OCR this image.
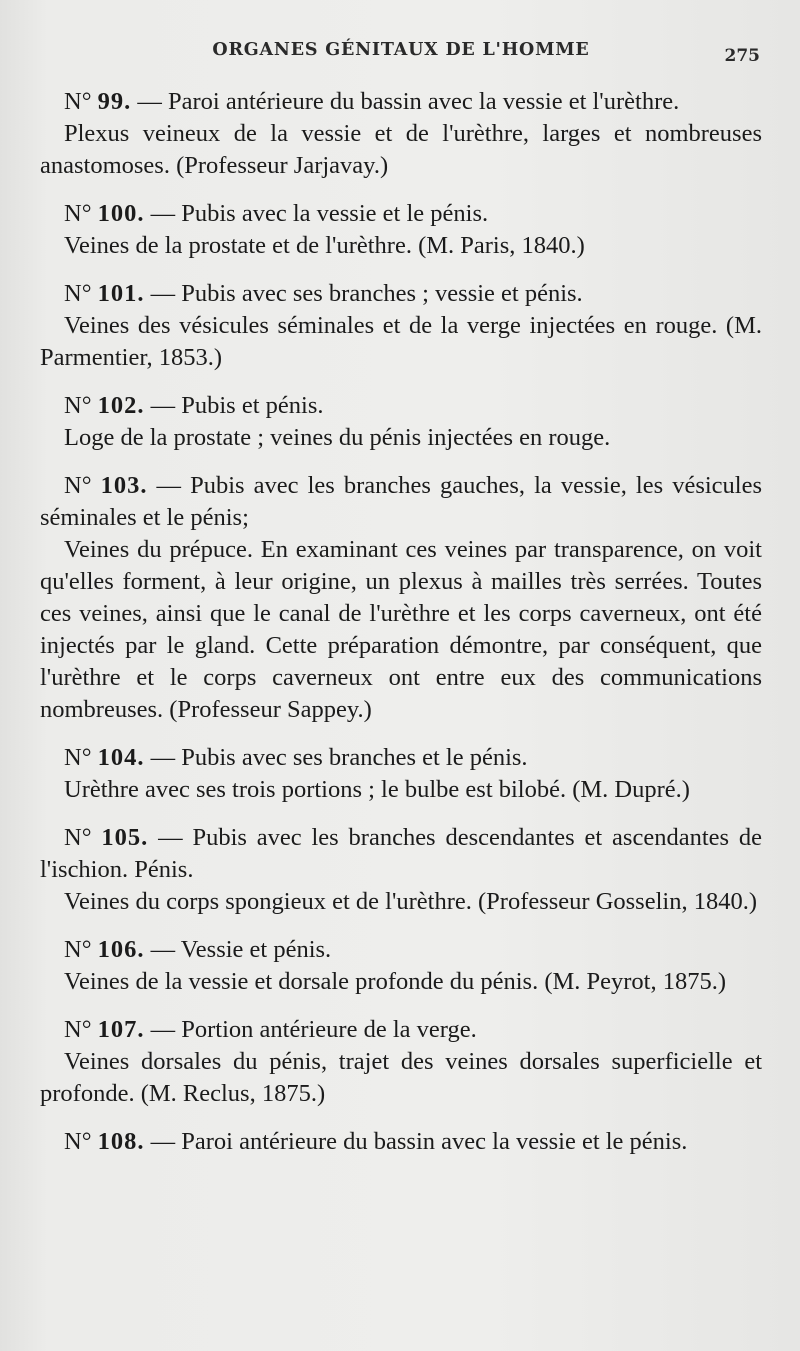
ORGANES GÉNITAUX DE L'HOMME	275
N° 99. — Paroi antérieure du bassin avec la vessie et l'urèthre.
Plexus veineux de la vessie et de l'urèthre, larges et nombreuses anastomoses. (Professeur Jarjavay.)
N° 100. — Pubis avec la vessie et le pénis.
Veines de la prostate et de l'urèthre. (M. Paris, 1840.)
N° 101. — Pubis avec ses branches ; vessie et pénis.
Veines des vésicules séminales et de la verge injectées en rouge. (M. Parmentier, 1853.)
N° 102. — Pubis et pénis.
Loge de la prostate ; veines du pénis injectées en rouge.
N° 103. — Pubis avec les branches gauches, la vessie, les vésicules séminales et le pénis;
Veines du prépuce. En examinant ces veines par transparence, on voit qu'elles forment, à leur origine, un plexus à mailles très serrées. Toutes ces veines, ainsi que le canal de l'urèthre et les corps caverneux, ont été injectés par le gland. Cette préparation démontre, par conséquent, que l'urèthre et le corps caverneux ont entre eux des communications nombreuses. (Professeur Sappey.)
N° 104. — Pubis avec ses branches et le pénis.
Urèthre avec ses trois portions ; le bulbe est bilobé. (M. Dupré.)
N° 105. — Pubis avec les branches descendantes et ascendantes de l'ischion. Pénis.
Veines du corps spongieux et de l'urèthre. (Professeur Gosselin, 1840.)
N° 106. — Vessie et pénis.
Veines de la vessie et dorsale profonde du pénis. (M. Peyrot, 1875.)
N° 107. — Portion antérieure de la verge.
Veines dorsales du pénis, trajet des veines dorsales superficielle et profonde. (M. Reclus, 1875.)
N° 108. — Paroi antérieure du bassin avec la vessie et le pénis.
